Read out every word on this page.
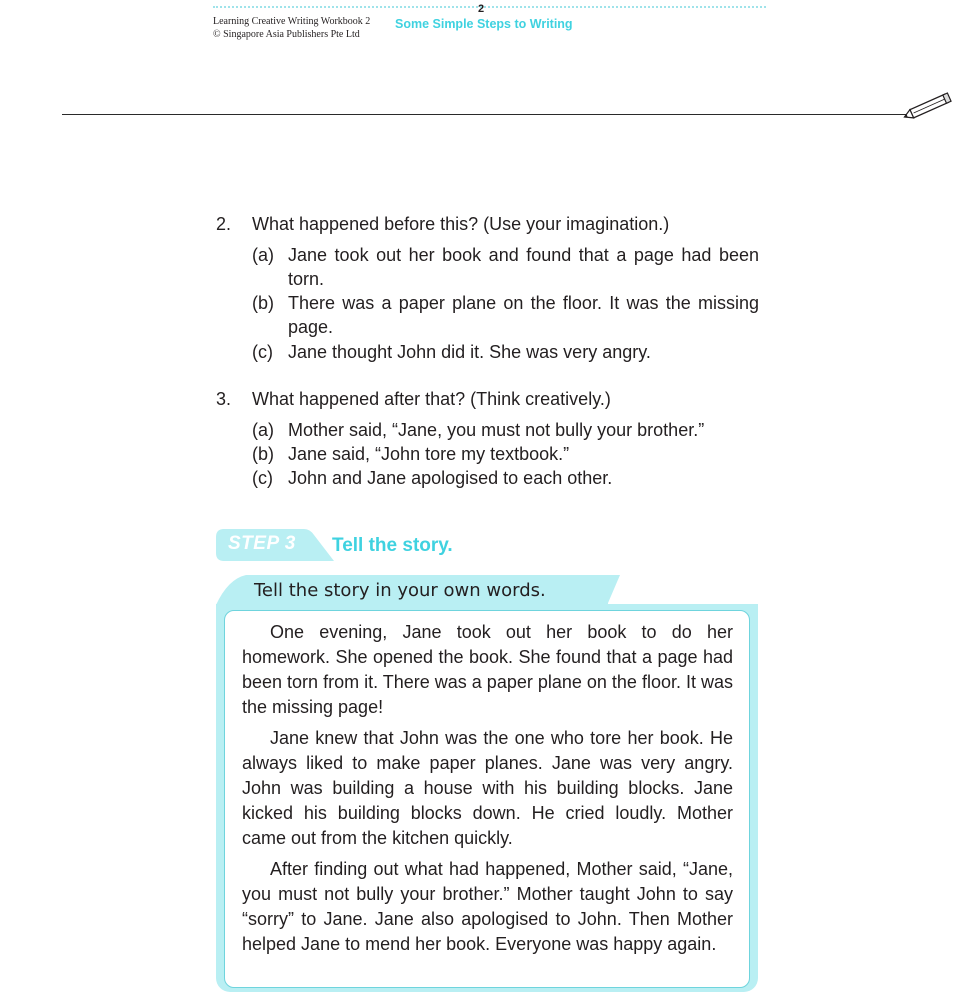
2
Learning Creative Writing Workbook 2
© Singapore Asia Publishers Pte Ltd
Some Simple Steps to Writing
2. What happened before this? (Use your imagination.)
(a) Jane took out her book and found that a page had been torn.
(b) There was a paper plane on the floor. It was the missing page.
(c) Jane thought John did it. She was very angry.
3. What happened after that? (Think creatively.)
(a) Mother said, “Jane, you must not bully your brother.”
(b) Jane said, “John tore my textbook.”
(c) John and Jane apologised to each other.
STEP 3 Tell the story.
Tell the story in your own words.
One evening, Jane took out her book to do her homework. She opened the book. She found that a page had been torn from it. There was a paper plane on the floor. It was the missing page!
Jane knew that John was the one who tore her book. He always liked to make paper planes. Jane was very angry. John was building a house with his building blocks. Jane kicked his building blocks down. He cried loudly. Mother came out from the kitchen quickly.
After finding out what had happened, Mother said, “Jane, you must not bully your brother.” Mother taught John to say “sorry” to Jane. Jane also apologised to John. Then Mother helped Jane to mend her book. Everyone was happy again.
